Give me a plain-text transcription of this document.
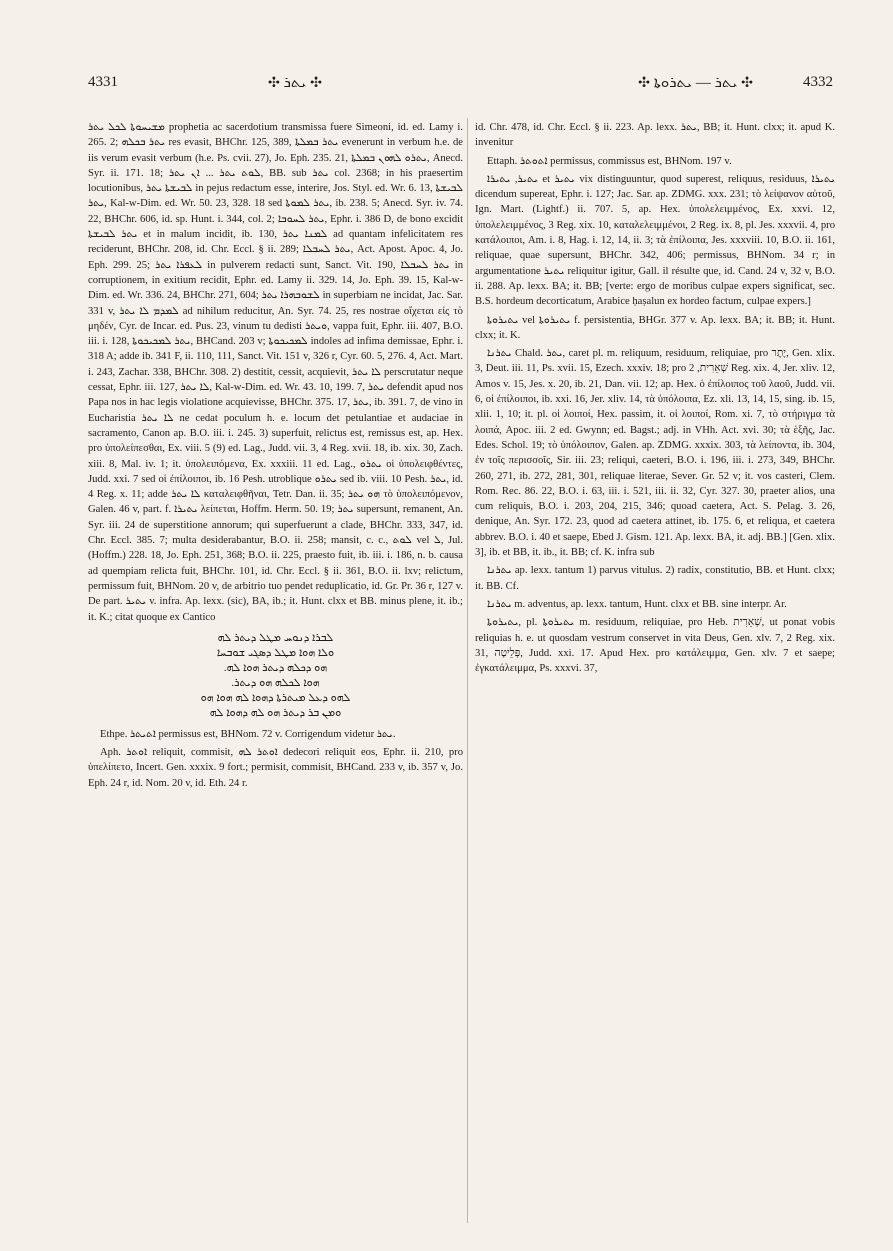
4331	✣ ܝܬܪ ✣	✣ ܝܬܪ — ܝܬܪܘܬܐ ✣	4332

ܡܫܝܚܘܬܐ ܠܟܠ ܝܬܪ prophetia ac sacerdotium transmissa fuere Simeoni, id. ed. Lamy i. 265. 2; ܝܬܪ ܒܟܠܗ res evasit, BHChr. 125, 389, ܝܬܪ ܒܡܠܬܐ evenerunt in verbum h.e. de iis verum evasit verbum (h.e. Ps. cvii. 27), Jo. Eph. 235. 21, ܝܬܪܘ ܠܗܘܢ ܒܡܠܬܐ, Anecd. Syr. ii. 171. 18; ܠܘܬ ܝܬܪ ... ܐܢ ܝܬܪ, BB. sub ܝܬܪ col. 2368; in his praesertim locutionibus, ܠܒܝܫܬܐ ܝܬܪ in pejus redactum esse, interire, Jos. Styl. ed. Wr. 6. 13, ܠܒܝܫܬܐ ܝܬܪ, Kal-w-Dim. ed. Wr. 50. 23, 328. 18 sed ܝܬܪ ܠܡܘܬܐ, ib. 238. 5; Anecd. Syr. iv. 74. 22, BHChr. 606, id. sp. Hunt. i. 344, col. 2; ܝܬܪ ܠܚܘܒܐ, Ephr. i. 386 D, de bono excidit ܝܬܪ ܠܒܝܫܬܐ et in malum incidit, ib. 130, ܠܡܢܐ ܝܬܪ ad quantam infelicitatem res reciderunt, BHChr. 208, id. Chr. Eccl. § ii. 289; ܝܬܪ ܠܚܒܠܐ, Act. Apost. Apoc. 4, Jo. Eph. 299. 25; ܠܥܦܪܐ ܝܬܪ in pulverem redacti sunt, Sanct. Vit. 190, ܝܬܪ ܠܚܒܠܐ in corruptionem, in exitium recidit, Ephr. ed. Lamy ii. 329. 14, Jo. Eph. 39. 15, Kal-w-Dim. ed. Wr. 336. 24, BHChr. 271, 604; ܠܫܘܒܗܪܐ ܝܬܪ in superbiam ne incidat, Jac. Sar. 331 v, ܠܡܕܡ ܠܐ ܝܬܪ ad nihilum reducitur, An. Syr. 74. 25, res nostrae οἴχεται εἰς τὸ μηδέν, Cyr. de Incar. ed. Pus. 23, vinum tu dedisti ܘܝܬܪ, vappa fuit, Ephr. iii. 407, B.O. iii. i. 128, ܝܬܪ ܠܡܟܝܟܘܬܐ, BHCand. 203 v; ܠܡܟܝܟܘܬܐ indoles ad infima demissae, Ephr. i. 318 A; adde ib. 341 F, ii. 110, 111, Sanct. Vit. 151 v, 326 r, Cyr. 60. 5, 276. 4, Act. Mart. i. 243, Zachar. 338, BHChr. 308. 2) destitit, cessit, acquievit, ܠܐ ܝܬܪ perscrutatur neque cessat, Ephr. iii. 127, ܠܐ ܝܬܪ, Kal-w-Dim. ed. Wr. 43. 10, 199. 7, ܝܬܪ defendit apud nos Papa nos in hac legis violatione acquievisse, BHChr. 375. 17, ܝܬܪ, ib. 391. 7, de vino in Eucharistia ܠܐ ܝܬܪ ne cedat poculum h. e. locum det petulantiae et audaciae in sacramento, Canon ap. B.O. iii. i. 245. 3) superfuit, relictus est, remissus est, ap. Hex. pro ὑπολείπεσθαι, Ex. viii. 5 (9) ed. Lag., Judd. vii. 3, 4 Reg. xvii. 18, ib. xix. 30, Zach. xiii. 8, Mal. iv. 1; it. ὑπολειπόμενα, Ex. xxxiii. 11 ed. Lag., ܝܬܪܘ οἱ ὑπολειφθέντες, Judd. xxi. 7 sed οἱ ἐπίλοιποι, ib. 16 Pesh. utroblique ܝܬܪܘ sed ib. viii. 10 Pesh. ܝܬܪ, id. 4 Reg. x. 11; adde ܠܐ ܝܬܪ καταλειφθῆναι, Tetr. Dan. ii. 35; ܗܘ ܝܬܪ τὸ ὑπολειπόμενον, Galen. 46 v, part. f. ܝܬܝܪܐ λείπεται, Hoffm. Herm. 50. 19; ܝܬܪ supersunt, remanent, An. Syr. iii. 24 de superstitione annorum; qui superfuerunt a clade, BHChr. 333, 347, id. Chr. Eccl. 385. 7; multa desiderabantur, B.O. ii. 258; mansit, c. c., ܠܘܬ vel ܠ, Jul. (Hoffm.) 228. 18, Jo. Eph. 251, 368; B.O. ii. 225, praesto fuit, ib. iii. i. 186, n. b. causa ad quempiam relicta fuit, BHChr. 101, id. Chr. Eccl. § ii. 361, B.O. ii. lxv; relictum, permissum fuit, BHNom. 20 v, de arbitrio tuo pendet reduplicatio, id. Gr. Pr. 36 r, 127 v. De part. ܝܬܝܪ v. infra. Ap. lexx. (sic), BA, ib.; it. Hunt. clxx et BB. minus plene, it. ib.; it. K.; citat quoque ex Cantico

ܠܒܪܐ ܕܢܘܚ ܡܛܠ ܕܝܬܪ ܠܗ
ܘܠܐ ܗܘܐ ܡܛܠ ܕܣܓܝ ܫܘܒܚܐ
ܗܘ ܕܟܠܗ ܕܝܬܪ ܗܘܐ ܠܗ.
ܗܘܐ ܠܟܠܗ ܗܘ ܕܝܬܪ.
ܠܗܘ ܕܥܠ ܡܝܬܪܬܐ ܕܗܘܐ ܠܗ ܗܘܐ ܗܘ
ܘܡܢ ܒܪ ܕܝܬܪ ܗܘ ܠܗ ܕܗܘܐ ܠܗ

Ethpe. ܐܬܝܬܪ permissus est, BHNom. 72 v. Corrigendum videtur ܝܬܪ.

Aph. ܐܘܬܪ reliquit, commisit, ܐܘܬܪ ܠܗ dedecori reliquit eos, Ephr. ii. 210, pro ὑπελίπετο, Incert. Gen. xxxix. 9 fort.; permisit, commisit, BHCand. 233 v, ib. 357 v, Jo. Eph. 24 r, id. Nom. 20 v, id. Eth. 24 r.

id. Chr. 478, id. Chr. Eccl. § ii. 223. Ap. lexx. ܝܬܪ, BB; it. Hunt. clxx; it. apud K. invenitur

Ettaph. ܐܬܘܬܪ permissus, commissus est, BHNom. 197 v.

ܝܬܝܪ, ܝܬܝܪܐ et ܝܬܝܪ vix distinguuntur, quod superest, reliquus, residuus, ܝܬܝܪܐ dicendum supereat, Ephr. i. 127; Jac. Sar. ap. ZDMG. xxx. 231; τὸ λείψανον αὐτοῦ, Ign. Mart. (Lightf.) ii. 707. 5, ap. Hex. ὑπολελειμμένος, Ex. xxvi. 12, ὑπολελειμμένος, 3 Reg. xix. 10, καταλελειμμένοι, 2 Reg. ix. 8, pl. Jes. xxxvii. 4, pro κατάλοιποι, Am. i. 8, Hag. i. 12, 14, ii. 3; τὰ ἐπίλοιπα, Jes. xxxviii. 10, B.O. ii. 161, reliquae, quae supersunt, BHChr. 342, 406; permissus, BHNom. 34 r; in argumentatione ܝܬܝܪ reliquitur igitur, Gall. il résulte que, id. Cand. 24 v, 32 v, B.O. ii. 288. Ap. lexx. BA; it. BB; [verte: ergo de moribus culpae expers significat, sec. B.S. hordeum decorticatum, Arabice ḥaṣalun ex hordeo factum, culpae expers.]

ܝܬܝܪܘܬܐ vel ܝܬܝܪܘܬܐ f. persistentia, BHGr. 377 v. Ap. lexx. BA; it. BB; it. Hunt. clxx; it. K.

ܝܬܪܢܐ Chald. ܝܬܪ, caret pl. m. reliquum, residuum, reliquiae, pro יֶתֶר, Gen. xlix. 3, Deut. iii. 11, Ps. xvii. 15, Ezech. xxxiv. 18; pro שְׁאֵרִית, 2 Reg. xix. 4, Jer. xliv. 12, Amos v. 15, Jes. x. 20, ib. 21, Dan. vii. 12; ap. Hex. ὁ ἐπίλοιπος τοῦ λαοῦ, Judd. vii. 6, οἱ ἐπίλοιποι, ib. xxi. 16, Jer. xliv. 14, τὰ ὑπόλοιπα, Ez. xli. 13, 14, 15, sing. ib. 15, xlii. 1, 10; it. pl. οἱ λοιποί, Hex. passim, it. οἱ λοιποί, Rom. xi. 7, τὸ στήριγμα τὰ λοιπά, Apoc. iii. 2 ed. Gwynn; ed. Bagst.; adj. in VHh. Act. xvi. 30; τὰ ἑξῆς, Jac. Edes. Schol. 19; τὸ ὑπόλοιπον, Galen. ap. ZDMG. xxxix. 303, τὰ λείποντα, ib. 304, ἐν τοῖς περισσοῖς, Sir. iii. 23; reliqui, caeteri, B.O. i. 196, iii. i. 273, 349, BHChr. 260, 271, ib. 272, 281, 301, reliquae literae, Sever. Gr. 52 v; it. vos casteri, Clem. Rom. Rec. 86. 22, B.O. i. 63, iii. i. 521, iii. ii. 32, Cyr. 327. 30, praeter alios, una cum reliquis, B.O. i. 203, 204, 215, 346; quoad caetera, Act. S. Pelag. 3. 26, denique, An. Syr. 172. 23, quod ad caetera attinet, ib. 175. 6, et reliqua, et caetera abbrev. B.O. i. 40 et saepe, Ebed J. Gism. 121. Ap. lexx. BA, it. adj. BB.] [Gen. xlix. 3], ib. et BB, it. ib., it. BB; cf. K. infra sub

ܝܬܪܢܐ ap. lexx. tantum 1) parvus vitulus. 2) radix, constitutio, BB. et Hunt. clxx; it. BB. Cf.

ܝܬܪܢܐ m. adventus, ap. lexx. tantum, Hunt. clxx et BB. sine interpr. Ar.

ܝܬܝܪܘܬܐ, pl. ܝܬܝܪܘܬܐ m. residuum, reliquiae, pro Heb. שְׁאֵרִית, ut ponat vobis reliquias h. e. ut quosdam vestrum conservet in vita Deus, Gen. xlv. 7, 2 Reg. xix. 31, פְּלֵיטָה, Judd. xxi. 17. Apud Hex. pro κατάλειμμα, Gen. xlv. 7 et saepe; ἐγκατάλειμμα, Ps. xxxvi. 37,
